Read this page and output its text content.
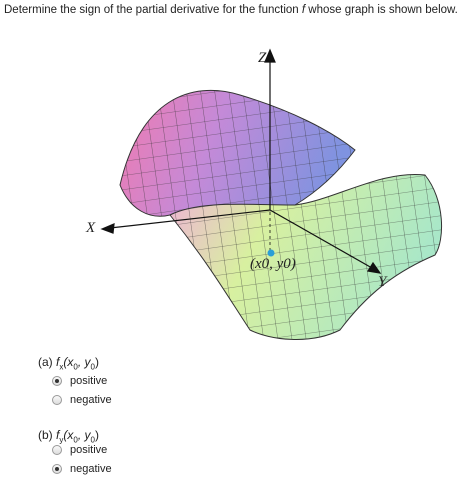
Determine the sign of the partial derivative for the function f whose graph is shown below.
Z
X
Y
(x0, y0)
(a) $f_x(x_0$, $y_0$)
positive
negative
(b) $f_y(x_0$, $y_0$)
positive
negative
